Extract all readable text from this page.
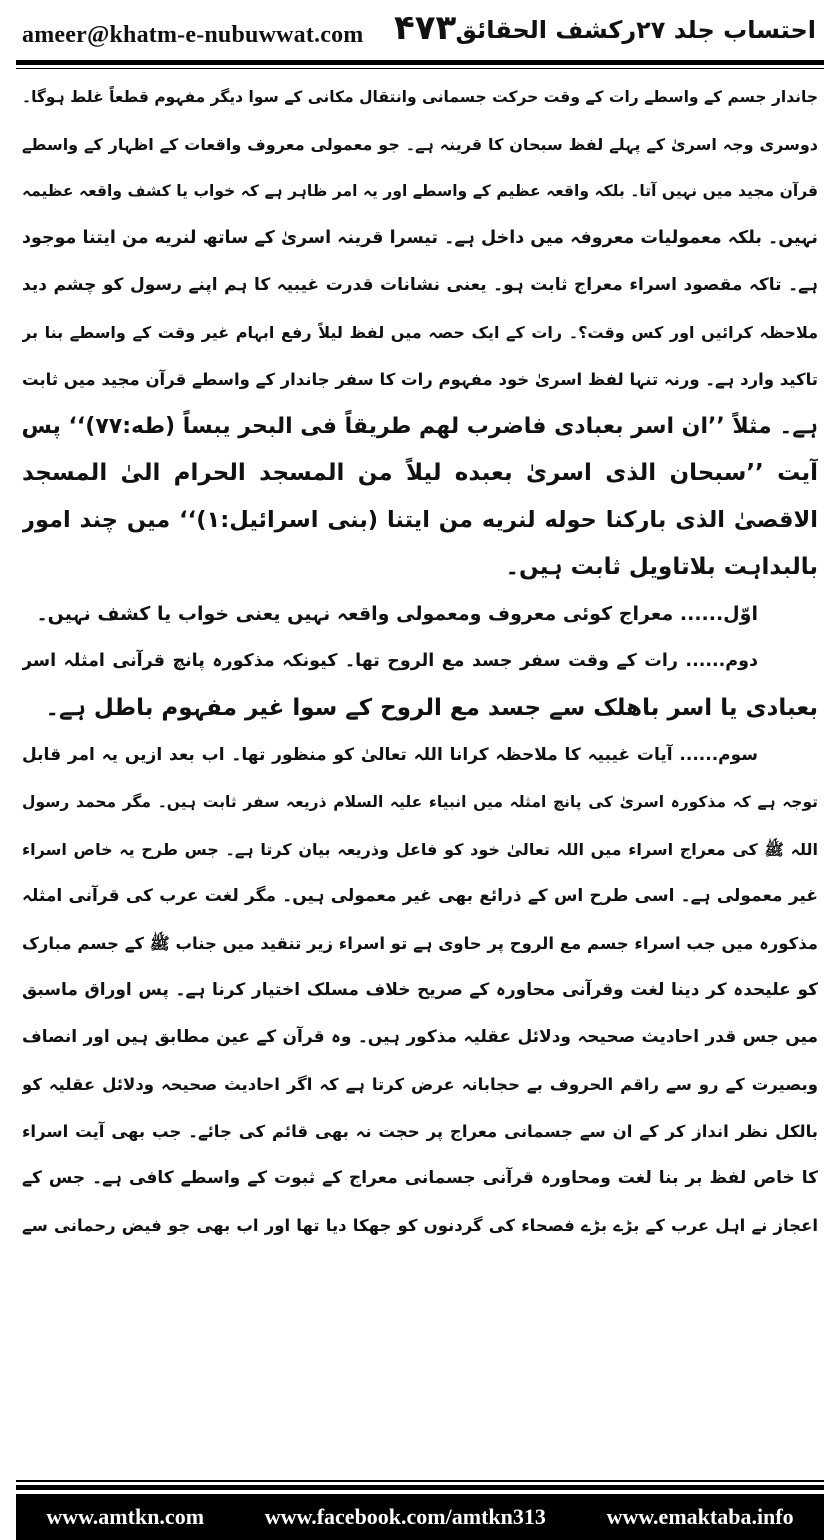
ameer@khatm-e-nubuwwat.com ۴۷۳ احتساب جلد ۲۷رکشف الحقائق
جاندار جسم کے واسطے رات کے وقت حرکت جسمانی وانتقال مکانی کے سوا دیگر مفہوم قطعاً غلط ہوگا۔
دوسری وجہ اسریٰ کے پہلے لفظ سبحان کا قرینہ ہے۔ جو معمولی معروف واقعات کے اظہار کے واسطے
قرآن مجید میں نہیں آتا۔ بلکہ واقعہ عظیم کے واسطے اور یہ امر ظاہر ہے کہ خواب یا کشف واقعہ عظیمہ
نہیں۔ بلکہ معمولیات معروفہ میں داخل ہے۔ تیسرا قرینہ اسریٰ کے ساتھ لنریه من ایتنا موجود
ہے۔ تاکہ مقصود اسراء معراج ثابت ہو۔ یعنی نشانات قدرت غیبیہ کا ہم اپنے رسول کو چشم دید
ملاحظہ کرائیں اور کس وقت؟۔ رات کے ایک حصہ میں لفظ لیلاً رفع ابہام غیر وقت کے واسطے بنا بر
تاکید وارد ہے۔ ورنہ تنہا لفظ اسریٰ خود مفہوم رات کا سفر جاندار کے واسطے قرآن مجید میں ثابت
ہے۔ مثلاً ’’ان اسر بعبادی فاضرب لهم طریقاً فی البحر یبساً (طه:۷۷)‘‘ پس
آیت ’’سبحان الذی اسریٰ بعبده لیلاً من المسجد الحرام الیٰ المسجد
الاقصیٰ الذی بارکنا حوله لنریه من ایتنا (بنی اسرائیل:۱)‘‘ میں چند امور
بالبداہت بلاتاویل ثابت ہیں۔
اوّل...... معراج کوئی معروف ومعمولی واقعہ نہیں یعنی خواب یا کشف نہیں۔
دوم...... رات کے وقت سفر جسد مع الروح تھا۔ کیونکہ مذکورہ پانچ قرآنی امثلہ اسر
بعبادی یا اسر باهلک سے جسد مع الروح کے سوا غیر مفہوم باطل ہے۔
سوم...... آیات غیبیہ کا ملاحظہ کرانا اللہ تعالیٰ کو منظور تھا۔ اب بعد ازیں یہ امر قابل
توجہ ہے کہ مذکورہ اسریٰ کی پانچ امثلہ میں انبیاء علیہ السلام ذریعہ سفر ثابت ہیں۔ مگر محمد رسول
اللہ ﷺ کی معراج اسراء میں اللہ تعالیٰ خود کو فاعل وذریعہ بیان کرتا ہے۔ جس طرح یہ خاص اسراء
غیر معمولی ہے۔ اسی طرح اس کے ذرائع بھی غیر معمولی ہیں۔ مگر لغت عرب کی قرآنی امثلہ
مذکورہ میں جب اسراء جسم مع الروح پر حاوی ہے تو اسراء زیر تنقید میں جناب ﷺ کے جسم مبارک
کو علیحدہ کر دینا لغت وقرآنی محاورہ کے صریح خلاف مسلک اختیار کرنا ہے۔ پس اوراق ماسبق
میں جس قدر احادیث صحیحہ ودلائل عقلیہ مذکور ہیں۔ وہ قرآن کے عین مطابق ہیں اور انصاف
وبصیرت کے رو سے راقم الحروف بے حجابانہ عرض کرتا ہے کہ اگر احادیث صحیحہ ودلائل عقلیہ کو
بالکل نظر انداز کر کے ان سے جسمانی معراج پر حجت نہ بھی قائم کی جائے۔ جب بھی آیت اسراء
کا خاص لفظ بر بنا لغت ومحاورہ قرآنی جسمانی معراج کے ثبوت کے واسطے کافی ہے۔ جس کے
اعجاز نے اہل عرب کے بڑے بڑے فصحاء کی گردنوں کو جھکا دیا تھا اور اب بھی جو فیض رحمانی سے
www.amtkn.com	www.facebook.com/amtkn313	www.emaktaba.info
